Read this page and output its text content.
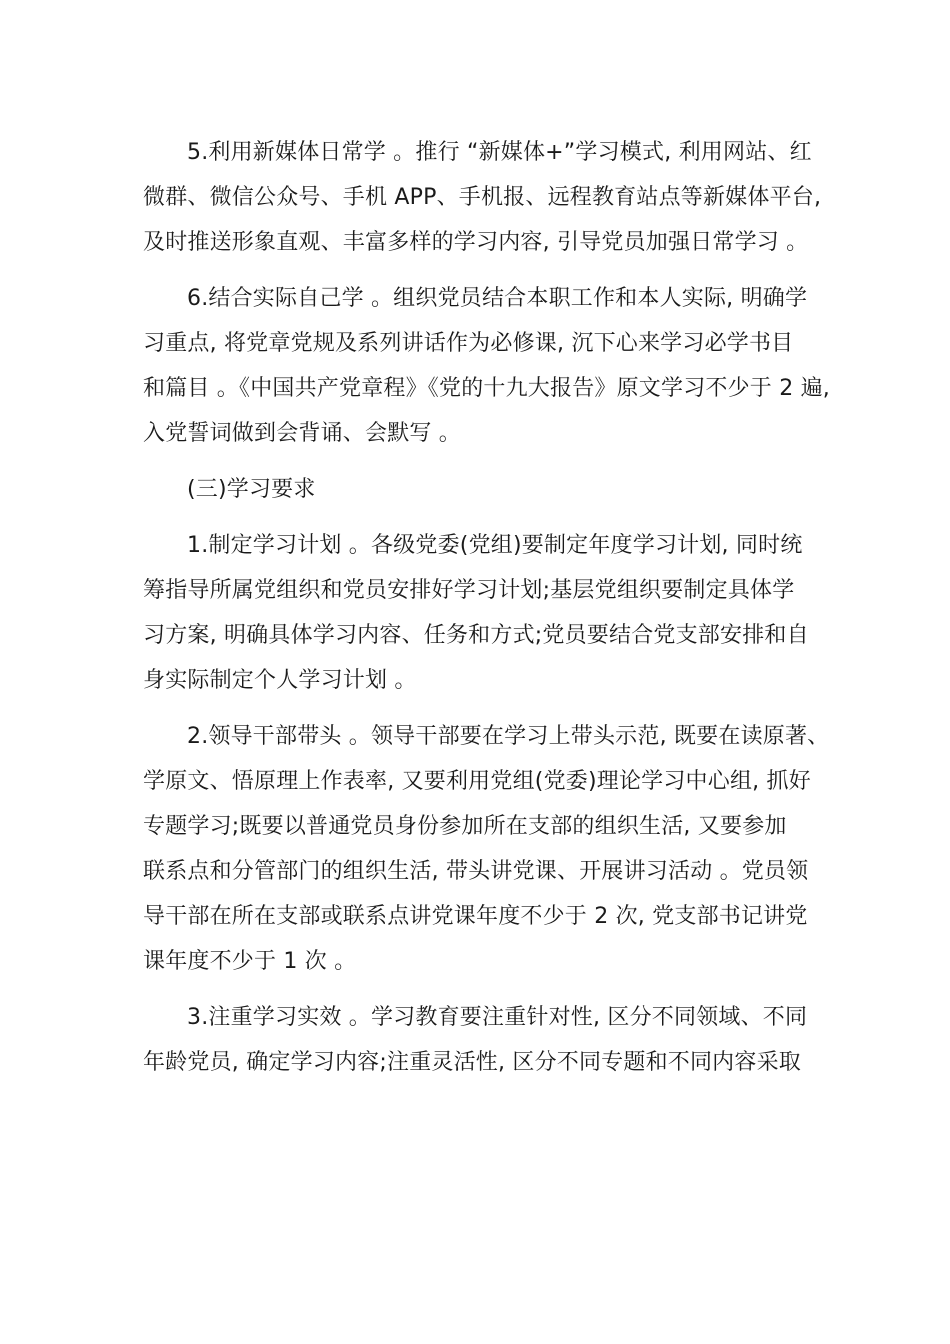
5.利用新媒体日常学 。推行 “新媒体+”学习模式, 利用网站、红
微群、微信公众号、手机 APP、手机报、远程教育站点等新媒体平台,
及时推送形象直观、丰富多样的学习内容, 引导党员加强日常学习 。

6.结合实际自己学 。组织党员结合本职工作和本人实际, 明确学
习重点, 将党章党规及系列讲话作为必修课, 沉下心来学习必学书目
和篇目 。《中国共产党章程》《党的十九大报告》原文学习不少于 2 遍,
入党誓词做到会背诵、会默写 。

(三)学习要求

1.制定学习计划 。各级党委(党组)要制定年度学习计划, 同时统
筹指导所属党组织和党员安排好学习计划;基层党组织要制定具体学
习方案, 明确具体学习内容、任务和方式;党员要结合党支部安排和自
身实际制定个人学习计划 。

2.领导干部带头 。领导干部要在学习上带头示范, 既要在读原著、
学原文、悟原理上作表率, 又要利用党组(党委)理论学习中心组, 抓好
专题学习;既要以普通党员身份参加所在支部的组织生活, 又要参加
联系点和分管部门的组织生活, 带头讲党课、开展讲习活动 。党员领
导干部在所在支部或联系点讲党课年度不少于 2 次, 党支部书记讲党
课年度不少于 1 次 。

3.注重学习实效 。学习教育要注重针对性, 区分不同领域、不同
年龄党员, 确定学习内容;注重灵活性, 区分不同专题和不同内容采取
